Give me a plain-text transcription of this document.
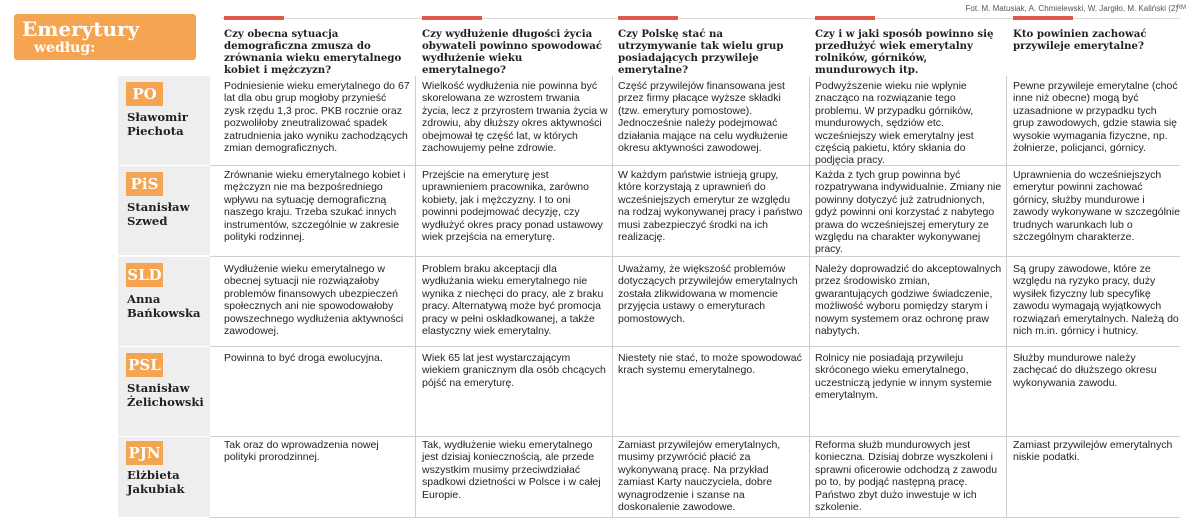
Emerytury
według:
Fot. M. Matusiak, A. Chmielewski, W. Jargiło, M. Kaliński (2)
RM
Czy obecna sytuacja demograficzna zmusza do zrównania wieku emerytalnego kobiet i mężczyzn?
Czy wydłużenie długości życia obywateli powinno spowodować wydłużenie wieku emerytalnego?
Czy Polskę stać na utrzymywanie tak wielu grup posiadających przywileje emerytalne?
Czy i w jaki sposób powinno się przedłużyć wiek emerytalny rolników, górników, mundurowych itp.
Kto powinien zachować przywileje emerytalne?
PO
Sławomir Piechota
Podniesienie wieku emerytalnego do 67 lat dla obu grup mogłoby przynieść zysk rzędu 1,3 proc. PKB rocznie oraz pozwoliłoby zneutralizować spadek zatrudnienia jako wyniku zachodzących zmian demograficznych.
Wielkość wydłużenia nie powinna być skorelowana ze wzrostem trwania życia, lecz z przyrostem trwania życia w zdrowiu, aby dłuższy okres aktywności obejmował tę część lat, w których zachowujemy pełne zdrowie.
Część przywilejów finansowana jest przez firmy płacące wyższe składki (tzw. emerytury pomostowe). Jednocześnie należy podejmować działania mające na celu wydłużenie okresu aktywności zawodowej.
Podwyższenie wieku nie wpłynie znacząco na rozwiązanie tego problemu. W przypadku górników, mundurowych, sędziów etc. wcześniejszy wiek emerytalny jest częścią pakietu, który skłania do podjęcia pracy.
Pewne przywileje emerytalne (choć inne niż obecne) mogą być uzasadnione w przypadku tych grup zawodowych, gdzie stawia się wysokie wymagania fizyczne, np. żołnierze, policjanci, górnicy.
PiS
Stanisław Szwed
Zrównanie wieku emerytalnego kobiet i mężczyzn nie ma bezpośredniego wpływu na sytuację demograficzną naszego kraju. Trzeba szukać innych instrumentów, szczególnie w zakresie polityki rodzinnej.
Przejście na emeryturę jest uprawnieniem pracownika, zarówno kobiety, jak i mężczyzny. I to oni powinni podejmować decyzję, czy wydłużyć okres pracy ponad ustawowy wiek przejścia na emeryturę.
W każdym państwie istnieją grupy, które korzystają z uprawnień do wcześniejszych emerytur ze względu na rodzaj wykonywanej pracy i państwo musi zabezpieczyć środki na ich realizację.
Każda z tych grup powinna być rozpatrywana indywidualnie. Zmiany nie powinny dotyczyć już zatrudnionych, gdyż powinni oni korzystać z nabytego prawa do wcześniejszej emerytury ze względu na charakter wykonywanej pracy.
Uprawnienia do wcześniejszych emerytur powinni zachować górnicy, służby mundurowe i zawody wykonywane w szczególnie trudnych warunkach lub o szczególnym charakterze.
SLD
Anna Bańkowska
Wydłużenie wieku emerytalnego w obecnej sytuacji nie rozwiązałoby problemów finansowych ubezpieczeń społecznych ani nie spowodowałoby powszechnego wydłużenia aktywności zawodowej.
Problem braku akceptacji dla wydłużania wieku emerytalnego nie wynika z niechęci do pracy, ale z braku pracy. Alternatywą może być promocja pracy w pełni oskładkowanej, a także elastyczny wiek emerytalny.
Uważamy, że większość problemów dotyczących przywilejów emerytalnych została zlikwidowana w momencie przyjęcia ustawy o emeryturach pomostowych.
Należy doprowadzić do akceptowalnych przez środowisko zmian, gwarantujących godziwe świadczenie, możliwość wyboru pomiędzy starym i nowym systemem oraz ochronę praw nabytych.
Są grupy zawodowe, które ze względu na ryzyko pracy, duży wysiłek fizyczny lub specyfikę zawodu wymagają wyjątkowych rozwiązań emerytalnych. Należą do nich m.in. górnicy i hutnicy.
PSL
Stanisław Żelichowski
Powinna to być droga ewolucyjna.	Wiek 65 lat jest wystarczającym wiekiem granicznym dla osób chcących pójść na emeryturę.
Niestety nie stać, to może spowodować krach systemu emerytalnego.
Rolnicy nie posiadają przywileju skróconego wieku emerytalnego, uczestniczą jedynie w innym systemie emerytalnym.
Służby mundurowe należy zachęcać do dłuższego okresu wykonywania zawodu.
PJN
Elżbieta Jakubiak
Tak oraz do wprowadzenia nowej polityki prorodzinnej.
Tak, wydłużenie wieku emerytalnego jest dzisiaj koniecznością, ale przede wszystkim musimy przeciwdziałać spadkowi dzietności w Polsce i w całej Europie.
Zamiast przywilejów emerytalnych, musimy przywrócić płacić za wykonywaną pracę. Na przykład zamiast Karty nauczyciela, dobre wynagrodzenie i szanse na doskonalenie zawodowe.
Reforma służb mundurowych jest konieczna. Dzisiaj dobrze wyszkoleni i sprawni oficerowie odchodzą z zawodu po to, by podjąć następną pracę. Państwo zbyt dużo inwestuje w ich szkolenie.
Zamiast przywilejów emerytalnych niskie podatki.
